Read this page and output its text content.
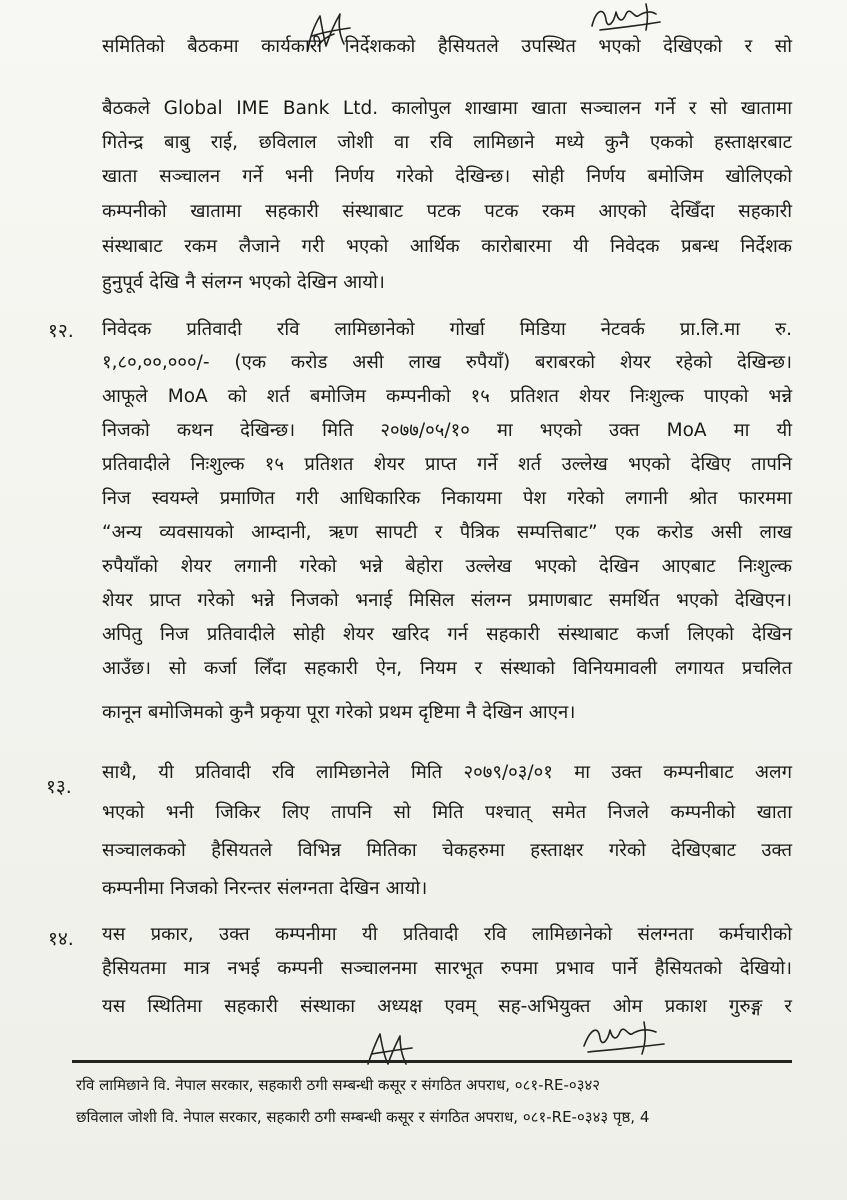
समितिको बैठकमा कार्यकारी निर्देशकको हैसियतले उपस्थित भएको देखिएको र सो
बैठकले Global IME Bank Ltd. कालोपुल शाखामा खाता सञ्चालन गर्ने र सो खातामा
गितेन्द्र बाबु राई, छविलाल जोशी वा रवि लामिछाने मध्ये कुनै एकको हस्ताक्षरबाट
खाता सञ्चालन गर्ने भनी निर्णय गरेको देखिन्छ। सोही निर्णय बमोजिम खोलिएको
कम्पनीको खातामा सहकारी संस्थाबाट पटक पटक रकम आएको देखिँदा सहकारी
संस्थाबाट रकम लैजाने गरी भएको आर्थिक कारोबारमा यी निवेदक प्रबन्ध निर्देशक
हुनुपूर्व देखि नै संलग्न भएको देखिन आयो।
१२. निवेदक प्रतिवादी रवि लामिछानेको गोर्खा मिडिया नेटवर्क प्रा.लि.मा रु.
१,८०,००,०००/- (एक करोड असी लाख रुपैयाँ) बराबरको शेयर रहेको देखिन्छ।
आफूले MoA को शर्त बमोजिम कम्पनीको १५ प्रतिशत शेयर निःशुल्क पाएको भन्ने
निजको कथन देखिन्छ। मिति २०७७/०५/१० मा भएको उक्त MoA मा यी
प्रतिवादीले निःशुल्क १५ प्रतिशत शेयर प्राप्त गर्ने शर्त उल्लेख भएको देखिए तापनि
निज स्वयम्ले प्रमाणित गरी आधिकारिक निकायमा पेश गरेको लगानी श्रोत फारममा
“अन्य व्यवसायको आम्दानी, ऋण सापटी र पैत्रिक सम्पत्तिबाट” एक करोड असी लाख
रुपैयाँको शेयर लगानी गरेको भन्ने बेहोरा उल्लेख भएको देखिन आएबाट निःशुल्क
शेयर प्राप्त गरेको भन्ने निजको भनाई मिसिल संलग्न प्रमाणबाट समर्थित भएको देखिएन।
अपितु निज प्रतिवादीले सोही शेयर खरिद गर्न सहकारी संस्थाबाट कर्जा लिएको देखिन
आउँछ। सो कर्जा लिँदा सहकारी ऐन, नियम र संस्थाको विनियमावली लगायत प्रचलित
कानून बमोजिमको कुनै प्रकृया पूरा गरेको प्रथम दृष्टिमा नै देखिन आएन।
१३.
साथै, यी प्रतिवादी रवि लामिछानेले मिति २०७९/०३/०१ मा उक्त कम्पनीबाट अलग
भएको भनी जिकिर लिए तापनि सो मिति पश्चात् समेत निजले कम्पनीको खाता
सञ्चालकको हैसियतले विभिन्न मितिका चेकहरुमा हस्ताक्षर गरेको देखिएबाट उक्त
कम्पनीमा निजको निरन्तर संलग्नता देखिन आयो।
१४. यस प्रकार, उक्त कम्पनीमा यी प्रतिवादी रवि लामिछानेको संलग्नता कर्मचारीको
हैसियतमा मात्र नभई कम्पनी सञ्चालनमा सारभूत रुपमा प्रभाव पार्ने हैसियतको देखियो।
यस स्थितिमा सहकारी संस्थाका अध्यक्ष एवम् सह-अभियुक्त ओम प्रकाश गुरुङ्ग र
रवि लामिछाने वि. नेपाल सरकार, सहकारी ठगी सम्बन्धी कसूर र संगठित अपराध, ०८१-RE-०३४२
छविलाल जोशी वि. नेपाल सरकार, सहकारी ठगी सम्बन्धी कसूर र संगठित अपराध, ०८१-RE-०३४३ पृष्ठ, 4
